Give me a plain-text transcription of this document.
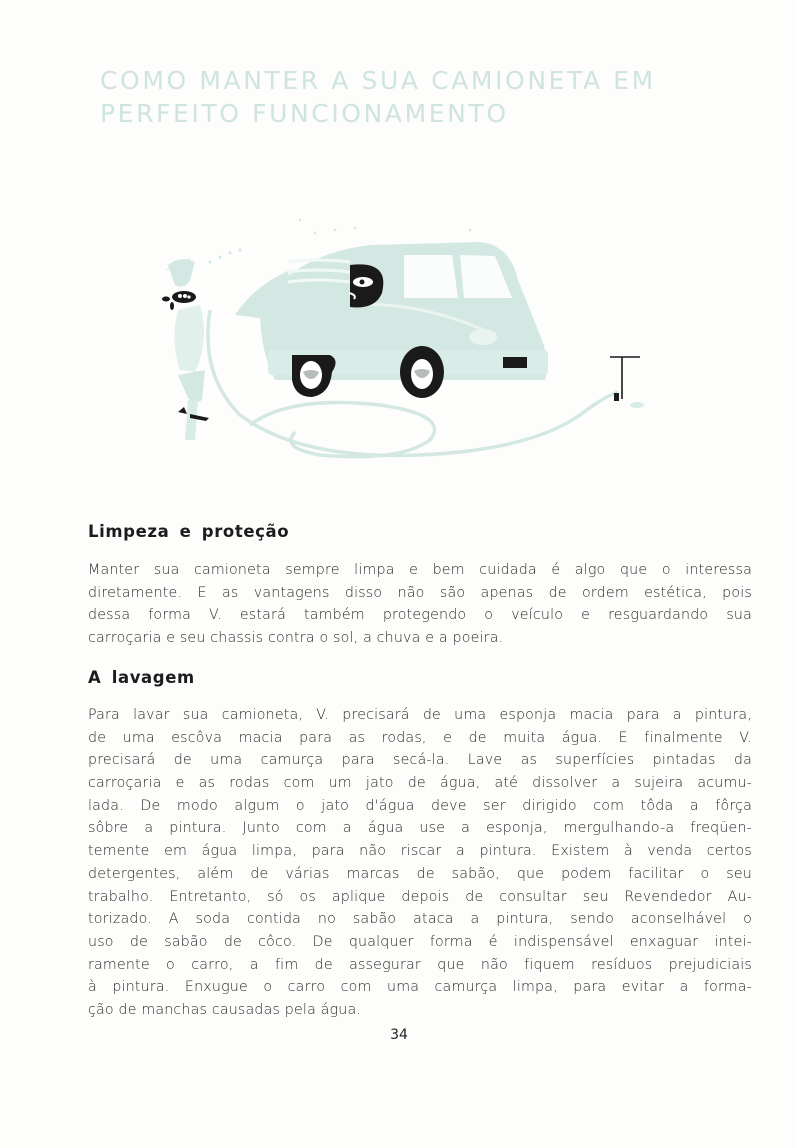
COMO MANTER A SUA CAMIONETA EM
PERFEITO FUNCIONAMENTO
Limpeza e proteção

Manter sua camioneta sempre limpa e bem cuidada é algo que o interessa
diretamente. E as vantagens disso não são apenas de ordem estética, pois
dessa forma V. estará também protegendo o veículo e resguardando sua
carroçaria e seu chassis contra o sol, a chuva e a poeira.

A lavagem

Para lavar sua camioneta, V. precisará de uma esponja macia para a pintura,
de uma escôva macia para as rodas, e de muita água. E finalmente V.
precisará de uma camurça para secá-la. Lave as superfícies pintadas da
carroçaria e as rodas com um jato de água, até dissolver a sujeira acumu-
lada. De modo algum o jato d'água deve ser dirigido com tôda a fôrça
sôbre a pintura. Junto com a água use a esponja, mergulhando-a freqüen-
temente em água limpa, para não riscar a pintura. Existem à venda certos
detergentes, além de várias marcas de sabão, que podem facilitar o seu
trabalho. Entretanto, só os aplique depois de consultar seu Revendedor Au-
torizado. A soda contida no sabão ataca a pintura, sendo aconselhável o
uso de sabão de côco. De qualquer forma é indispensável enxaguar intei-
ramente o carro, a fim de assegurar que não fiquem resíduos prejudiciais
à pintura. Enxugue o carro com uma camurça limpa, para evitar a forma-
ção de manchas causadas pela água.

34
